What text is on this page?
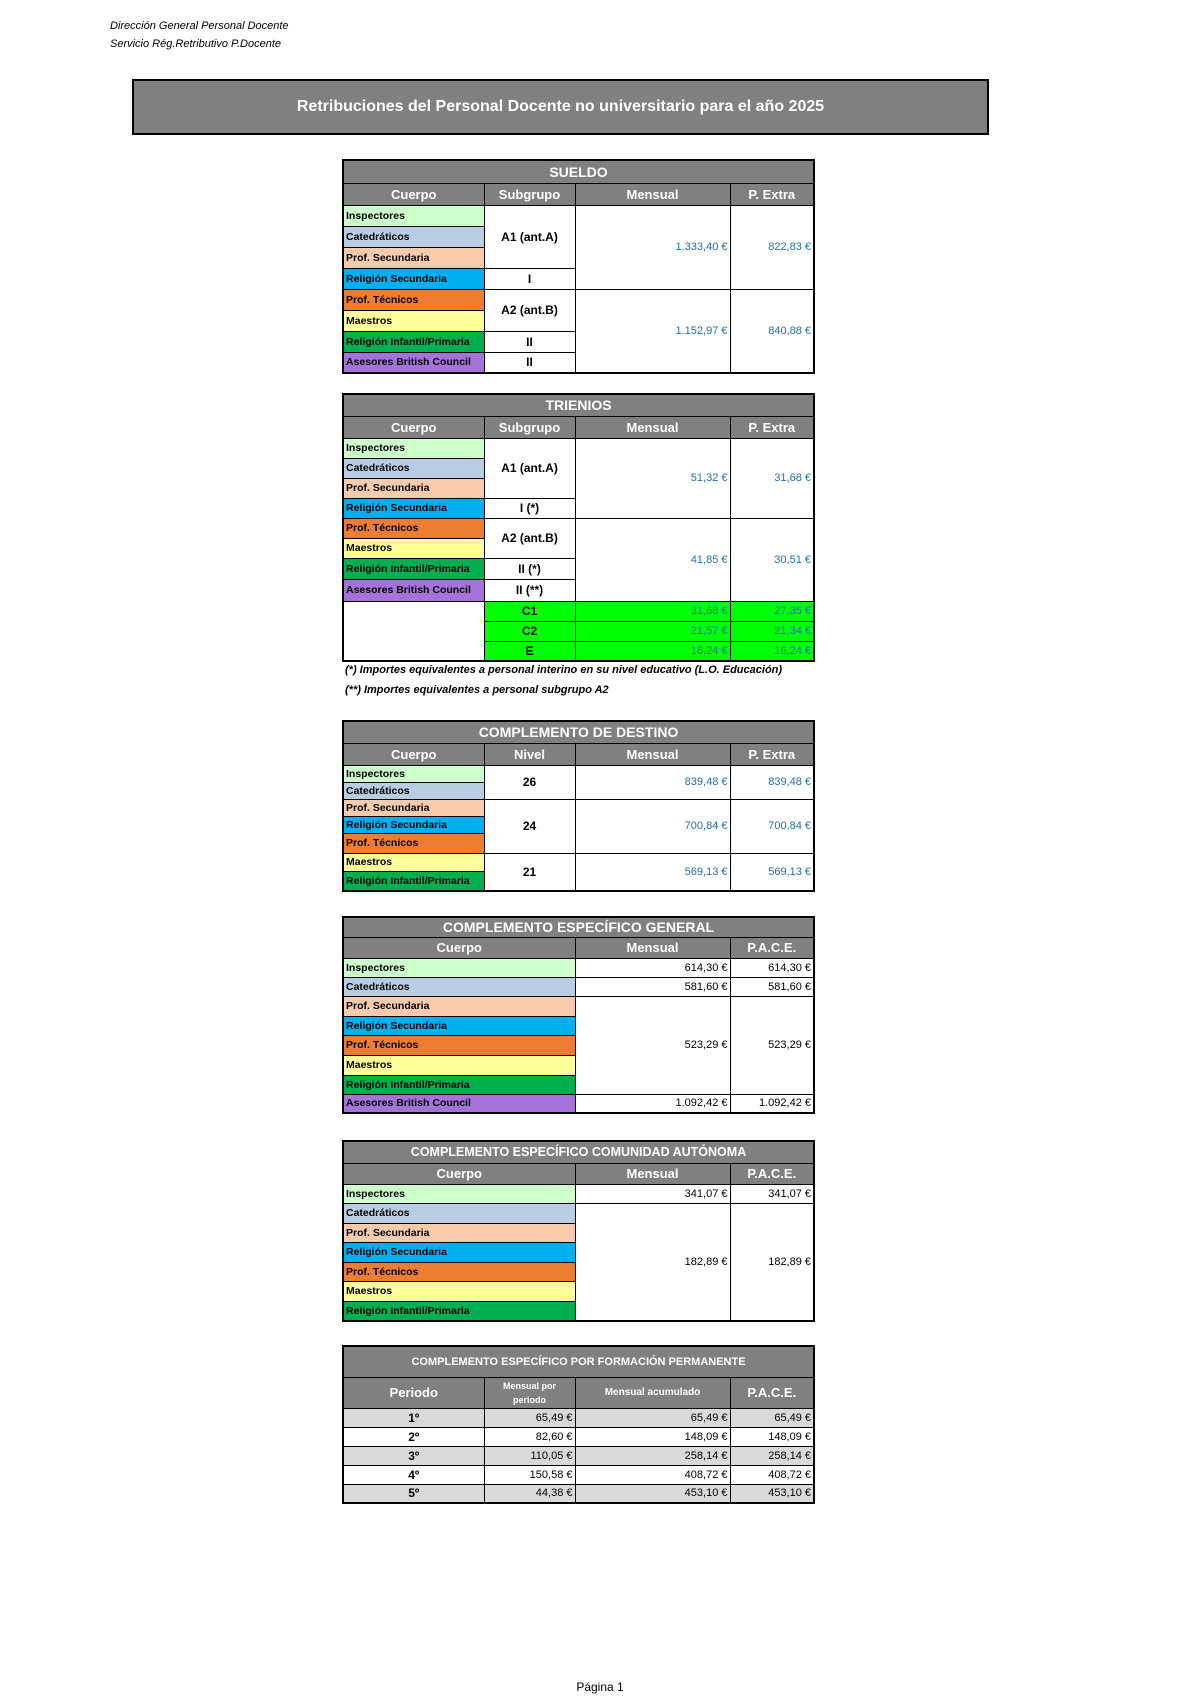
Dirección General Personal Docente
Servicio Rég.Retributivo P.Docente
Retribuciones del Personal Docente no universitario para el año 2025
SUELDO			
Cuerpo	Subgrupo	Mensual	P. Extra
Inspectores	A1 (ant.A)	1.333,40 €	822,83 €
Catedráticos			
Prof. Secundaria			
Religión Secundaria	I		
Prof. Técnicos	A2 (ant.B)	1.152,97 €	840,88 €
Maestros			
Religión Infantil/Primaria	II		
Asesores British Council	II		
TRIENIOS			
Cuerpo	Subgrupo	Mensual	P. Extra
Inspectores	A1 (ant.A)	51,32 €	31,68 €
Catedráticos			
Prof. Secundaria			
Religión Secundaria	I (*)		
Prof. Técnicos	A2 (ant.B)	41,85 €	30,51 €
Maestros			
Religión Infantil/Primaria	II (*)		
Asesores British Council	II (**)		
	C1	31,68 €	27,35 €
	C2	21,57 €	21,34 €
	E	16,24 €	16,24 €
(*) Importes equivalentes a personal interino en su nivel educativo (L.O. Educación)
(**) Importes equivalentes a personal subgrupo A2
COMPLEMENTO DE DESTINO			
Cuerpo	Nivel	Mensual	P. Extra
Inspectores	26	839,48 €	839,48 €
Catedráticos			
Prof. Secundaria	24	700,84 €	700,84 €
Religión Secundaria			
Prof. Técnicos			
Maestros	21	569,13 €	569,13 €
Religión Infantil/Primaria			
COMPLEMENTO ESPECÍFICO GENERAL		
Cuerpo	Mensual	P.A.C.E.
Inspectores	614,30 €	614,30 €
Catedráticos	581,60 €	581,60 €
Prof. Secundaria	523,29 €	523,29 €
Religión Secundaria		
Prof. Técnicos		
Maestros		
Religión Infantil/Primaria		
Asesores British Council	1.092,42 €	1.092,42 €
COMPLEMENTO ESPECÍFICO COMUNIDAD AUTÓNOMA		
Cuerpo	Mensual	P.A.C.E.
Inspectores	341,07 €	341,07 €
Catedráticos	182,89 €	182,89 €
Prof. Secundaria		
Religión Secundaria		
Prof. Técnicos		
Maestros		
Religión Infantil/Primaria		
COMPLEMENTO ESPECÍFICO POR FORMACIÓN PERMANENTE			
Periodo	Mensual por periodo	Mensual acumulado	P.A.C.E.
1º	65,49 €	65,49 €	65,49 €
2º	82,60 €	148,09 €	148,09 €
3º	110,05 €	258,14 €	258,14 €
4º	150,58 €	408,72 €	408,72 €
5º	44,38 €	453,10 €	453,10 €
Página 1
